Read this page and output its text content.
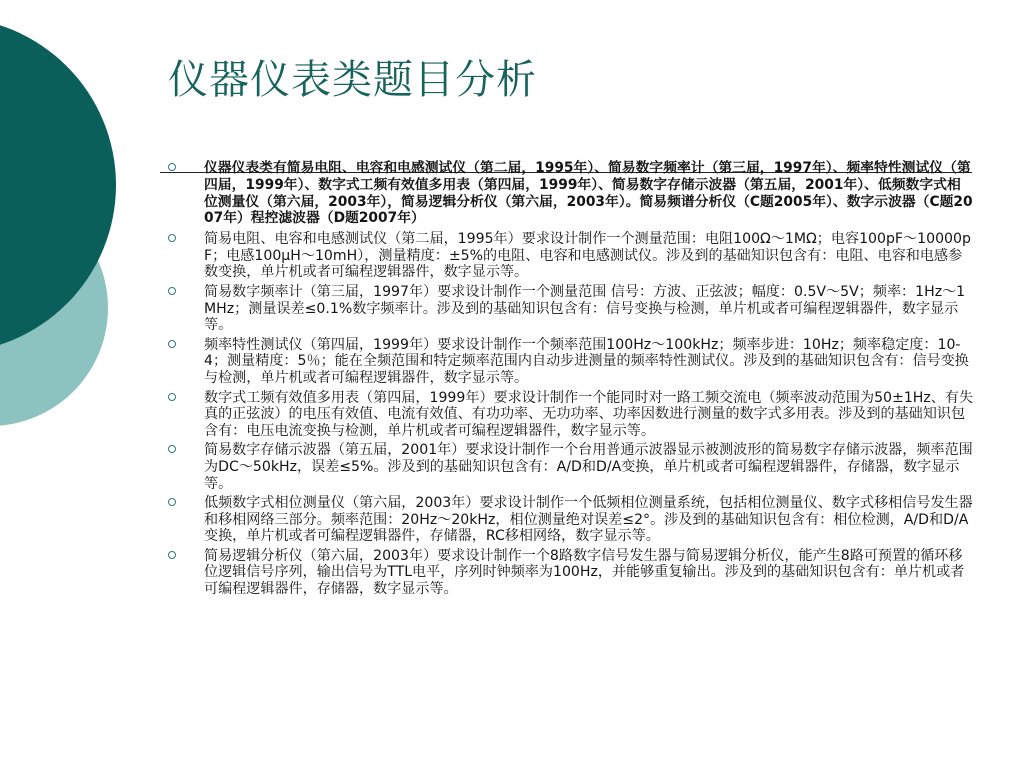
仪器仪表类题目分析
仪器仪表类有简易电阻、电容和电感测试仪（第二届，1995年）、简易数字频率计（第三届，1997年）、频率特性测试仪（第四届，1999年）、数字式工频有效值多用表（第四届，1999年）、简易数字存储示波器（第五届，2001年）、低频数字式相位测量仪（第六届，2003年），简易逻辑分析仪（第六届，2003年）。简易频谱分析仪（C题2005年）、数字示波器（C题2007年）程控滤波器（D题2007年）
简易电阻、电容和电感测试仪（第二届，1995年）要求设计制作一个测量范围：电阻100Ω～1MΩ；电容100pF～10000pF；电感100μH～10mH），测量精度：±5%的电阻、电容和电感测试仪。涉及到的基础知识包含有：电阻、电容和电感参数变换，单片机或者可编程逻辑器件，数字显示等。
简易数字频率计（第三届，1997年）要求设计制作一个测量范围 信号：方波、正弦波；幅度：0.5V～5V；频率：1Hz～1MHz；测量误差≤0.1%数字频率计。涉及到的基础知识包含有：信号变换与检测，单片机或者可编程逻辑器件，数字显示等。
频率特性测试仪（第四届，1999年）要求设计制作一个频率范围100Hz～100kHz；频率步进：10Hz；频率稳定度：10-4；测量精度：5％；能在全频范围和特定频率范围内自动步进测量的频率特性测试仪。涉及到的基础知识包含有：信号变换与检测，单片机或者可编程逻辑器件，数字显示等。
数字式工频有效值多用表（第四届，1999年）要求设计制作一个能同时对一路工频交流电（频率波动范围为50±1Hz、有失真的正弦波）的电压有效值、电流有效值、有功功率、无功功率、功率因数进行测量的数字式多用表。涉及到的基础知识包含有：电压电流变换与检测，单片机或者可编程逻辑器件，数字显示等。
简易数字存储示波器（第五届，2001年）要求设计制作一个台用普通示波器显示被测波形的简易数字存储示波器，频率范围为DC～50kHz，误差≤5%。涉及到的基础知识包含有：A/D和D/A变换，单片机或者可编程逻辑器件，存储器，数字显示等。
低频数字式相位测量仪（第六届，2003年）要求设计制作一个低频相位测量系统，包括相位测量仪、数字式移相信号发生器和移相网络三部分。频率范围：20Hz～20kHz，相位测量绝对误差≤2°。涉及到的基础知识包含有：相位检测，A/D和D/A变换，单片机或者可编程逻辑器件，存储器，RC移相网络，数字显示等。
简易逻辑分析仪（第六届，2003年）要求设计制作一个8路数字信号发生器与简易逻辑分析仪，能产生8路可预置的循环移位逻辑信号序列，输出信号为TTL电平，序列时钟频率为100Hz，并能够重复输出。涉及到的基础知识包含有：单片机或者可编程逻辑器件，存储器，数字显示等。
